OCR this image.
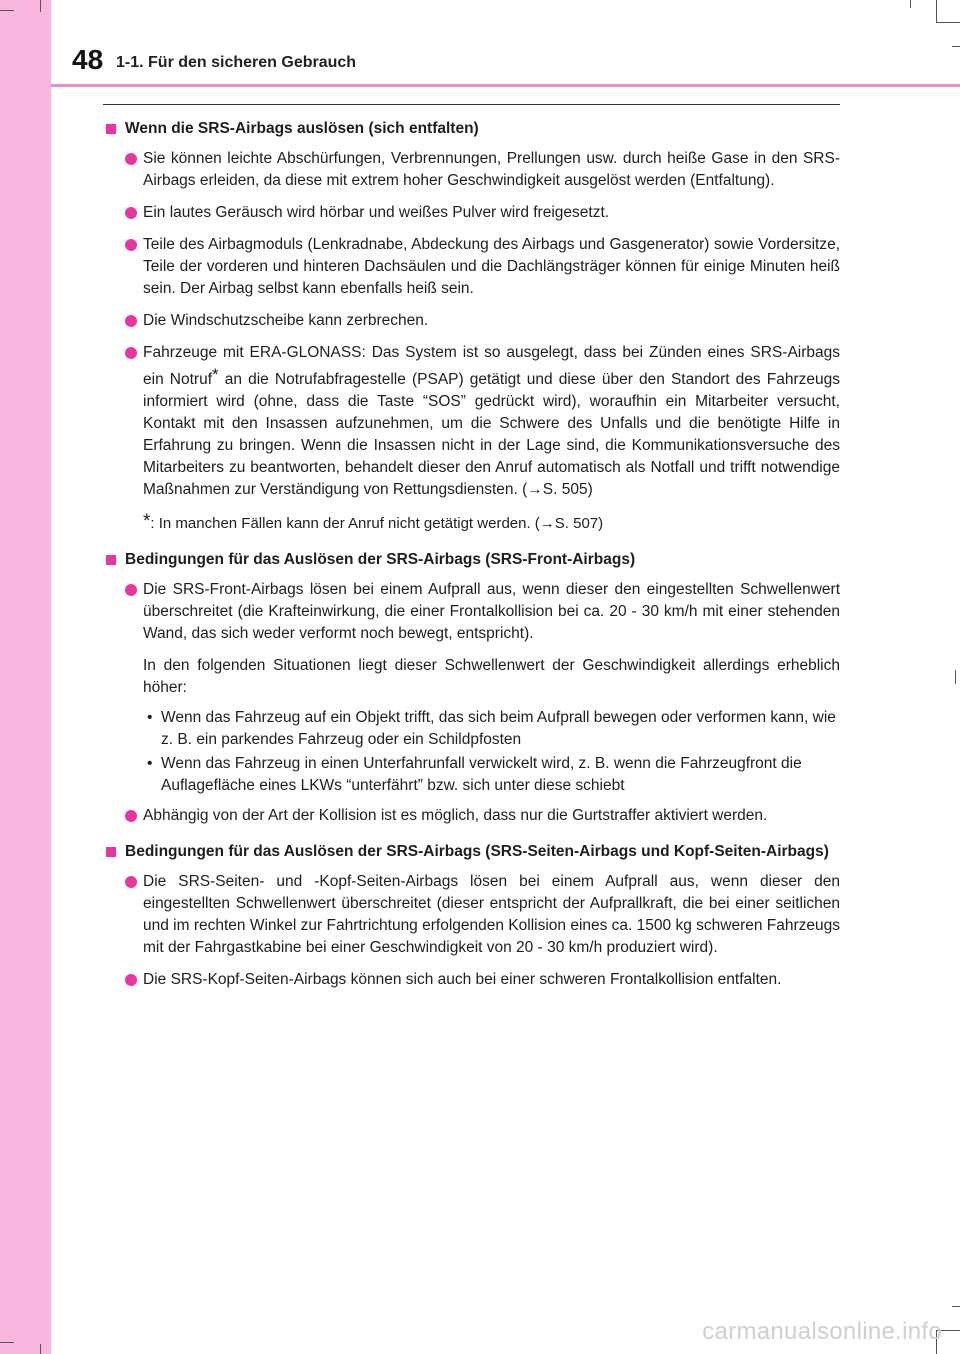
48 1-1. Für den sicheren Gebrauch
Wenn die SRS-Airbags auslösen (sich entfalten)
Sie können leichte Abschürfungen, Verbrennungen, Prellungen usw. durch heiße Gase in den SRS-Airbags erleiden, da diese mit extrem hoher Geschwindigkeit ausgelöst werden (Entfaltung).
Ein lautes Geräusch wird hörbar und weißes Pulver wird freigesetzt.
Teile des Airbagmoduls (Lenkradnabe, Abdeckung des Airbags und Gasgenerator) sowie Vordersitze, Teile der vorderen und hinteren Dachsäulen und die Dachlängsträger können für einige Minuten heiß sein. Der Airbag selbst kann ebenfalls heiß sein.
Die Windschutzscheibe kann zerbrechen.
Fahrzeuge mit ERA-GLONASS: Das System ist so ausgelegt, dass bei Zünden eines SRS-Airbags ein Notruf* an die Notrufabfragestelle (PSAP) getätigt und diese über den Standort des Fahrzeugs informiert wird (ohne, dass die Taste “SOS” gedrückt wird), woraufhin ein Mitarbeiter versucht, Kontakt mit den Insassen aufzunehmen, um die Schwere des Unfalls und die benötigte Hilfe in Erfahrung zu bringen. Wenn die Insassen nicht in der Lage sind, die Kommunikationsversuche des Mitarbeiters zu beantworten, behandelt dieser den Anruf automatisch als Notfall und trifft notwendige Maßnahmen zur Verständigung von Rettungsdiensten. (→S. 505)
*: In manchen Fällen kann der Anruf nicht getätigt werden. (→S. 507)
Bedingungen für das Auslösen der SRS-Airbags (SRS-Front-Airbags)
Die SRS-Front-Airbags lösen bei einem Aufprall aus, wenn dieser den eingestellten Schwellenwert überschreitet (die Krafteinwirkung, die einer Frontalkollision bei ca. 20 - 30 km/h mit einer stehenden Wand, das sich weder verformt noch bewegt, entspricht).
In den folgenden Situationen liegt dieser Schwellenwert der Geschwindigkeit allerdings erheblich höher:
• Wenn das Fahrzeug auf ein Objekt trifft, das sich beim Aufprall bewegen oder verformen kann, wie z. B. ein parkendes Fahrzeug oder ein Schildpfosten
• Wenn das Fahrzeug in einen Unterfahrunfall verwickelt wird, z. B. wenn die Fahrzeugfront die Auflagefläche eines LKWs “unterfährt” bzw. sich unter diese schiebt
Abhängig von der Art der Kollision ist es möglich, dass nur die Gurtstraffer aktiviert werden.
Bedingungen für das Auslösen der SRS-Airbags (SRS-Seiten-Airbags und Kopf-Seiten-Airbags)
Die SRS-Seiten- und -Kopf-Seiten-Airbags lösen bei einem Aufprall aus, wenn dieser den eingestellten Schwellenwert überschreitet (dieser entspricht der Aufprallkraft, die bei einer seitlichen und im rechten Winkel zur Fahrtrichtung erfolgenden Kollision eines ca. 1500 kg schweren Fahrzeugs mit der Fahrgastkabine bei einer Geschwindigkeit von 20 - 30 km/h produziert wird).
Die SRS-Kopf-Seiten-Airbags können sich auch bei einer schweren Frontalkollision entfalten.
carmanualsonline.info
